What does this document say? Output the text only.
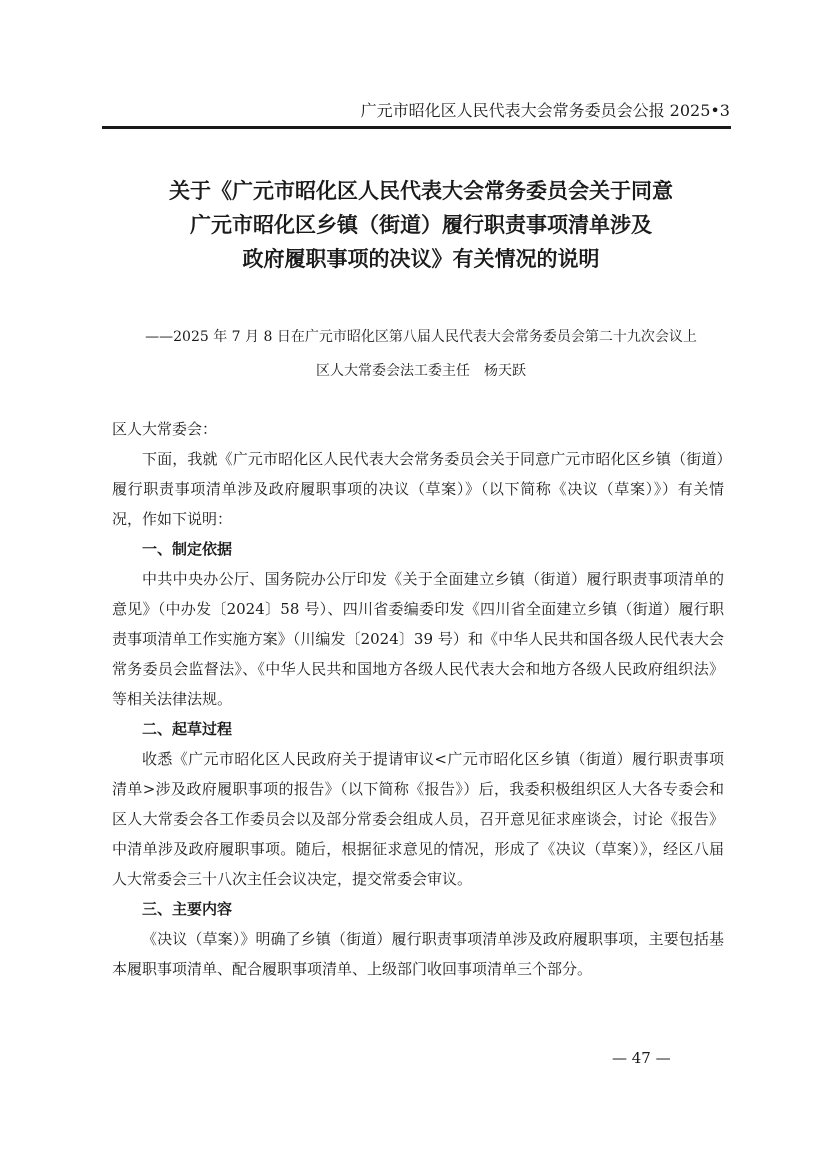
广元市昭化区人民代表大会常务委员会公报 2025•3
关于《广元市昭化区人民代表大会常务委员会关于同意
广元市昭化区乡镇（街道）履行职责事项清单涉及
政府履职事项的决议》有关情况的说明
——2025 年 7 月 8 日在广元市昭化区第八届人民代表大会常务委员会第二十九次会议上
区人大常委会法工委主任　杨天跃

区人大常委会：

下面，我就《广元市昭化区人民代表大会常务委员会关于同意广元市昭化区乡镇（街道）履行职责事项清单涉及政府履职事项的决议（草案）》（以下简称《决议（草案）》）有关情况，作如下说明：

一、制定依据

中共中央办公厅、国务院办公厅印发《关于全面建立乡镇（街道）履行职责事项清单的意见》（中办发〔2024〕58 号）、四川省委编委印发《四川省全面建立乡镇（街道）履行职责事项清单工作实施方案》（川编发〔2024〕39 号）和《中华人民共和国各级人民代表大会常务委员会监督法》、《中华人民共和国地方各级人民代表大会和地方各级人民政府组织法》等相关法律法规。

二、起草过程

收悉《广元市昭化区人民政府关于提请审议<广元市昭化区乡镇（街道）履行职责事项清单>涉及政府履职事项的报告》（以下简称《报告》）后，我委积极组织区人大各专委会和区人大常委会各工作委员会以及部分常委会组成人员，召开意见征求座谈会，讨论《报告》中清单涉及政府履职事项。随后，根据征求意见的情况，形成了《决议（草案）》，经区八届人大常委会三十八次主任会议决定，提交常委会审议。

三、主要内容

《决议（草案）》明确了乡镇（街道）履行职责事项清单涉及政府履职事项，主要包括基本履职事项清单、配合履职事项清单、上级部门收回事项清单三个部分。

— 47 —
